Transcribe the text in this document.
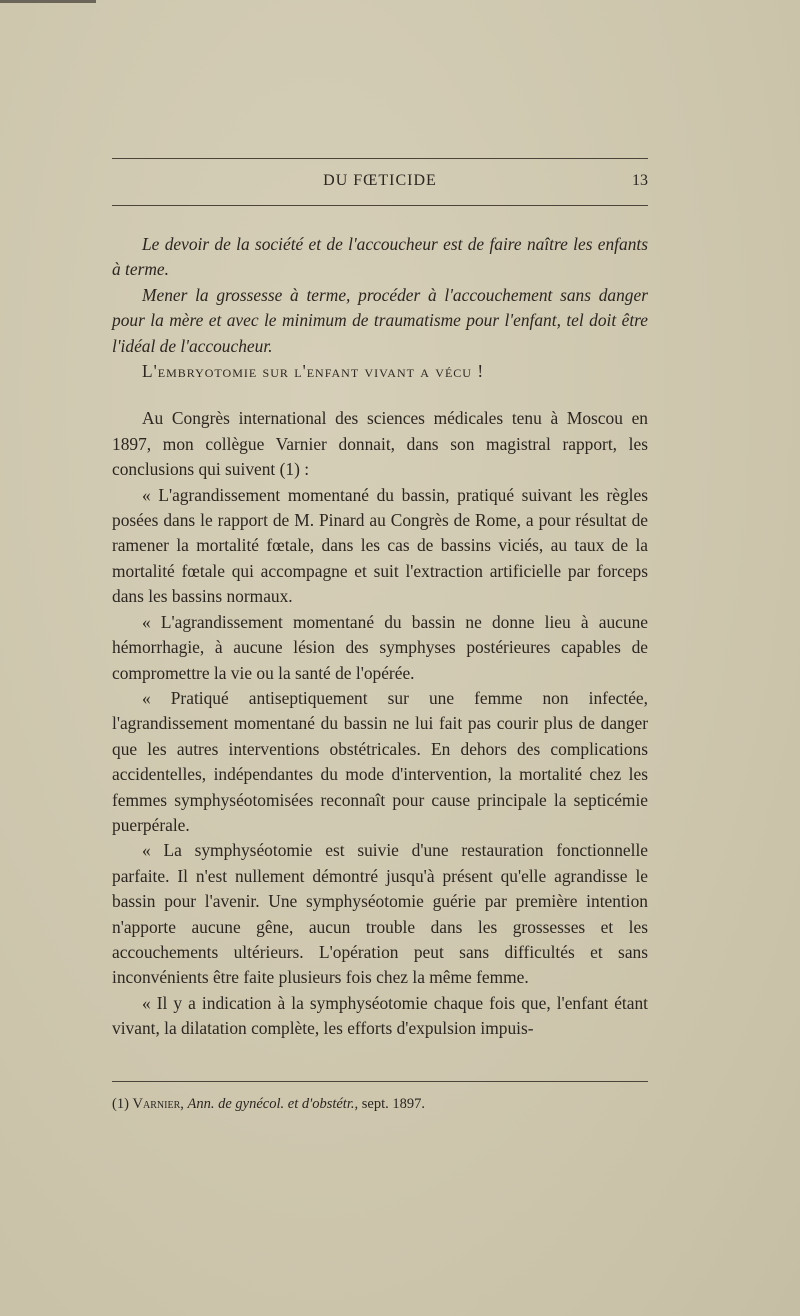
DU FŒTICIDE	13

Le devoir de la société et de l'accoucheur est de faire naître les enfants à terme.

Mener la grossesse à terme, procéder à l'accouchement sans danger pour la mère et avec le minimum de traumatisme pour l'enfant, tel doit être l'idéal de l'accoucheur.

L'embryotomie sur l'enfant vivant a vécu !

Au Congrès international des sciences médicales tenu à Moscou en 1897, mon collègue Varnier donnait, dans son magistral rapport, les conclusions qui suivent (1) :

« L'agrandissement momentané du bassin, pratiqué suivant les règles posées dans le rapport de M. Pinard au Congrès de Rome, a pour résultat de ramener la mortalité fœtale, dans les cas de bassins viciés, au taux de la mortalité fœtale qui accompagne et suit l'extraction artificielle par forceps dans les bassins normaux.

« L'agrandissement momentané du bassin ne donne lieu à aucune hémorrhagie, à aucune lésion des symphyses postérieures capables de compromettre la vie ou la santé de l'opérée.

« Pratiqué antiseptiquement sur une femme non infectée, l'agrandissement momentané du bassin ne lui fait pas courir plus de danger que les autres interventions obstétricales. En dehors des complications accidentelles, indépendantes du mode d'intervention, la mortalité chez les femmes symphyséotomisées reconnaît pour cause principale la septicémie puerpérale.

« La symphyséotomie est suivie d'une restauration fonctionnelle parfaite. Il n'est nullement démontré jusqu'à présent qu'elle agrandisse le bassin pour l'avenir. Une symphyséotomie guérie par première intention n'apporte aucune gêne, aucun trouble dans les grossesses et les accouchements ultérieurs. L'opération peut sans difficultés et sans inconvénients être faite plusieurs fois chez la même femme.

« Il y a indication à la symphyséotomie chaque fois que, l'enfant étant vivant, la dilatation complète, les efforts d'expulsion impuis-

(1) Varnier, Ann. de gynécol. et d'obstétr., sept. 1897.
